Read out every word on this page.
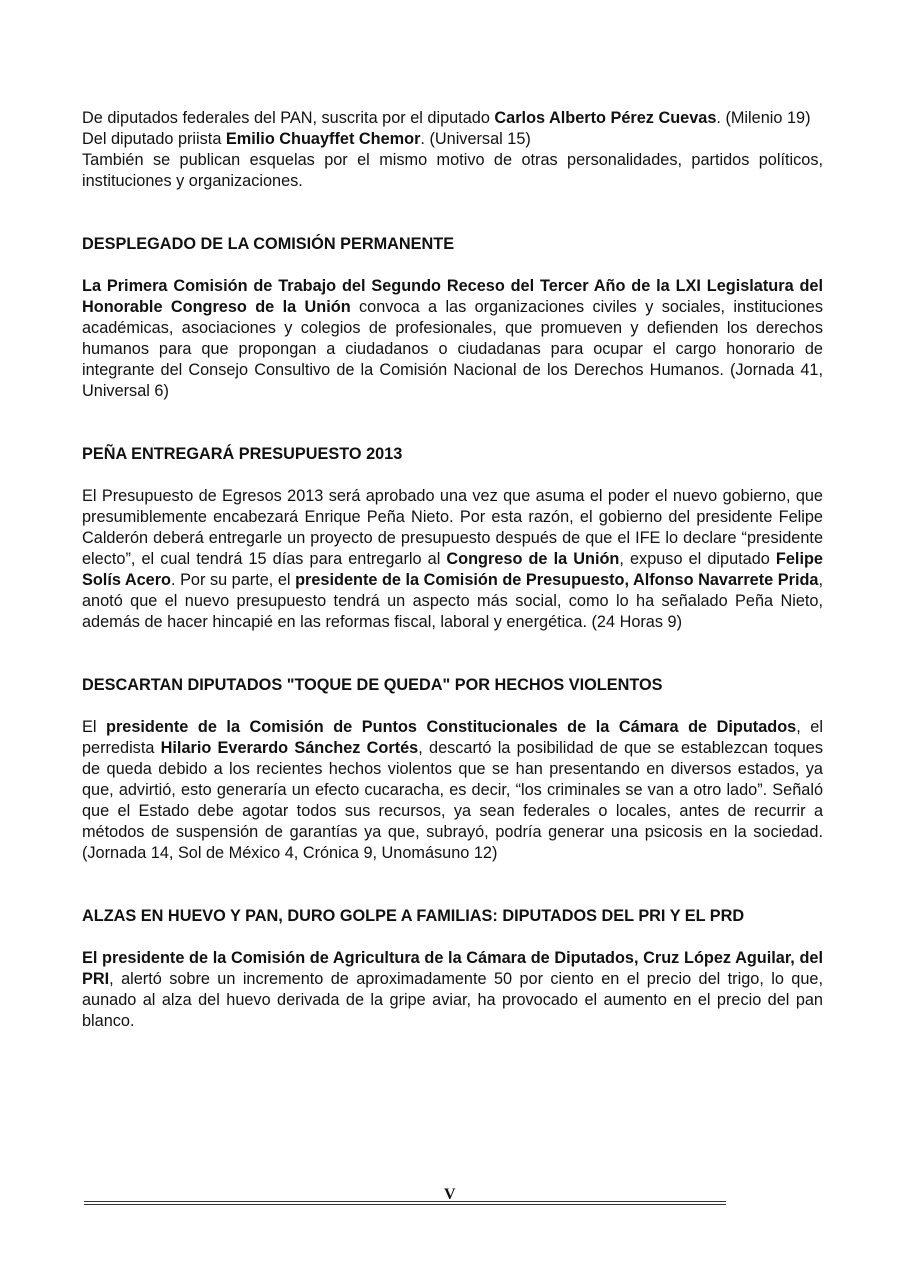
De diputados federales del PAN, suscrita por el diputado Carlos Alberto Pérez Cuevas. (Milenio 19)

Del diputado priista Emilio Chuayffet Chemor. (Universal 15)

También se publican esquelas por el mismo motivo de otras personalidades, partidos políticos, instituciones y organizaciones.

DESPLEGADO DE LA COMISIÓN PERMANENTE

La Primera Comisión de Trabajo del Segundo Receso del Tercer Año de la LXI Legislatura del Honorable Congreso de la Unión convoca a las organizaciones civiles y sociales, instituciones académicas, asociaciones y colegios de profesionales, que promueven y defienden los derechos humanos para que propongan a ciudadanos o ciudadanas para ocupar el cargo honorario de integrante del Consejo Consultivo de la Comisión Nacional de los Derechos Humanos. (Jornada 41, Universal 6)

PEÑA ENTREGARÁ PRESUPUESTO 2013

El Presupuesto de Egresos 2013 será aprobado una vez que asuma el poder el nuevo gobierno, que presumiblemente encabezará Enrique Peña Nieto. Por esta razón, el gobierno del presidente Felipe Calderón deberá entregarle un proyecto de presupuesto después de que el IFE lo declare “presidente electo”, el cual tendrá 15 días para entregarlo al Congreso de la Unión, expuso el diputado Felipe Solís Acero. Por su parte, el presidente de la Comisión de Presupuesto, Alfonso Navarrete Prida, anotó que el nuevo presupuesto tendrá un aspecto más social, como lo ha señalado Peña Nieto, además de hacer hincapié en las reformas fiscal, laboral y energética. (24 Horas 9)

DESCARTAN DIPUTADOS "TOQUE DE QUEDA" POR HECHOS VIOLENTOS

El presidente de la Comisión de Puntos Constitucionales de la Cámara de Diputados, el perredista Hilario Everardo Sánchez Cortés, descartó la posibilidad de que se establezcan toques de queda debido a los recientes hechos violentos que se han presentando en diversos estados, ya que, advirtió, esto generaría un efecto cucaracha, es decir, “los criminales se van a otro lado”. Señaló que el Estado debe agotar todos sus recursos, ya sean federales o locales, antes de recurrir a métodos de suspensión de garantías ya que, subrayó, podría generar una psicosis en la sociedad. (Jornada 14, Sol de México 4, Crónica 9, Unomásuno 12)

ALZAS EN HUEVO Y PAN, DURO GOLPE A FAMILIAS: DIPUTADOS DEL PRI Y EL PRD

El presidente de la Comisión de Agricultura de la Cámara de Diputados, Cruz López Aguilar, del PRI, alertó sobre un incremento de aproximadamente 50 por ciento en el precio del trigo, lo que, aunado al alza del huevo derivada de la gripe aviar, ha provocado el aumento en el precio del pan blanco.

V
